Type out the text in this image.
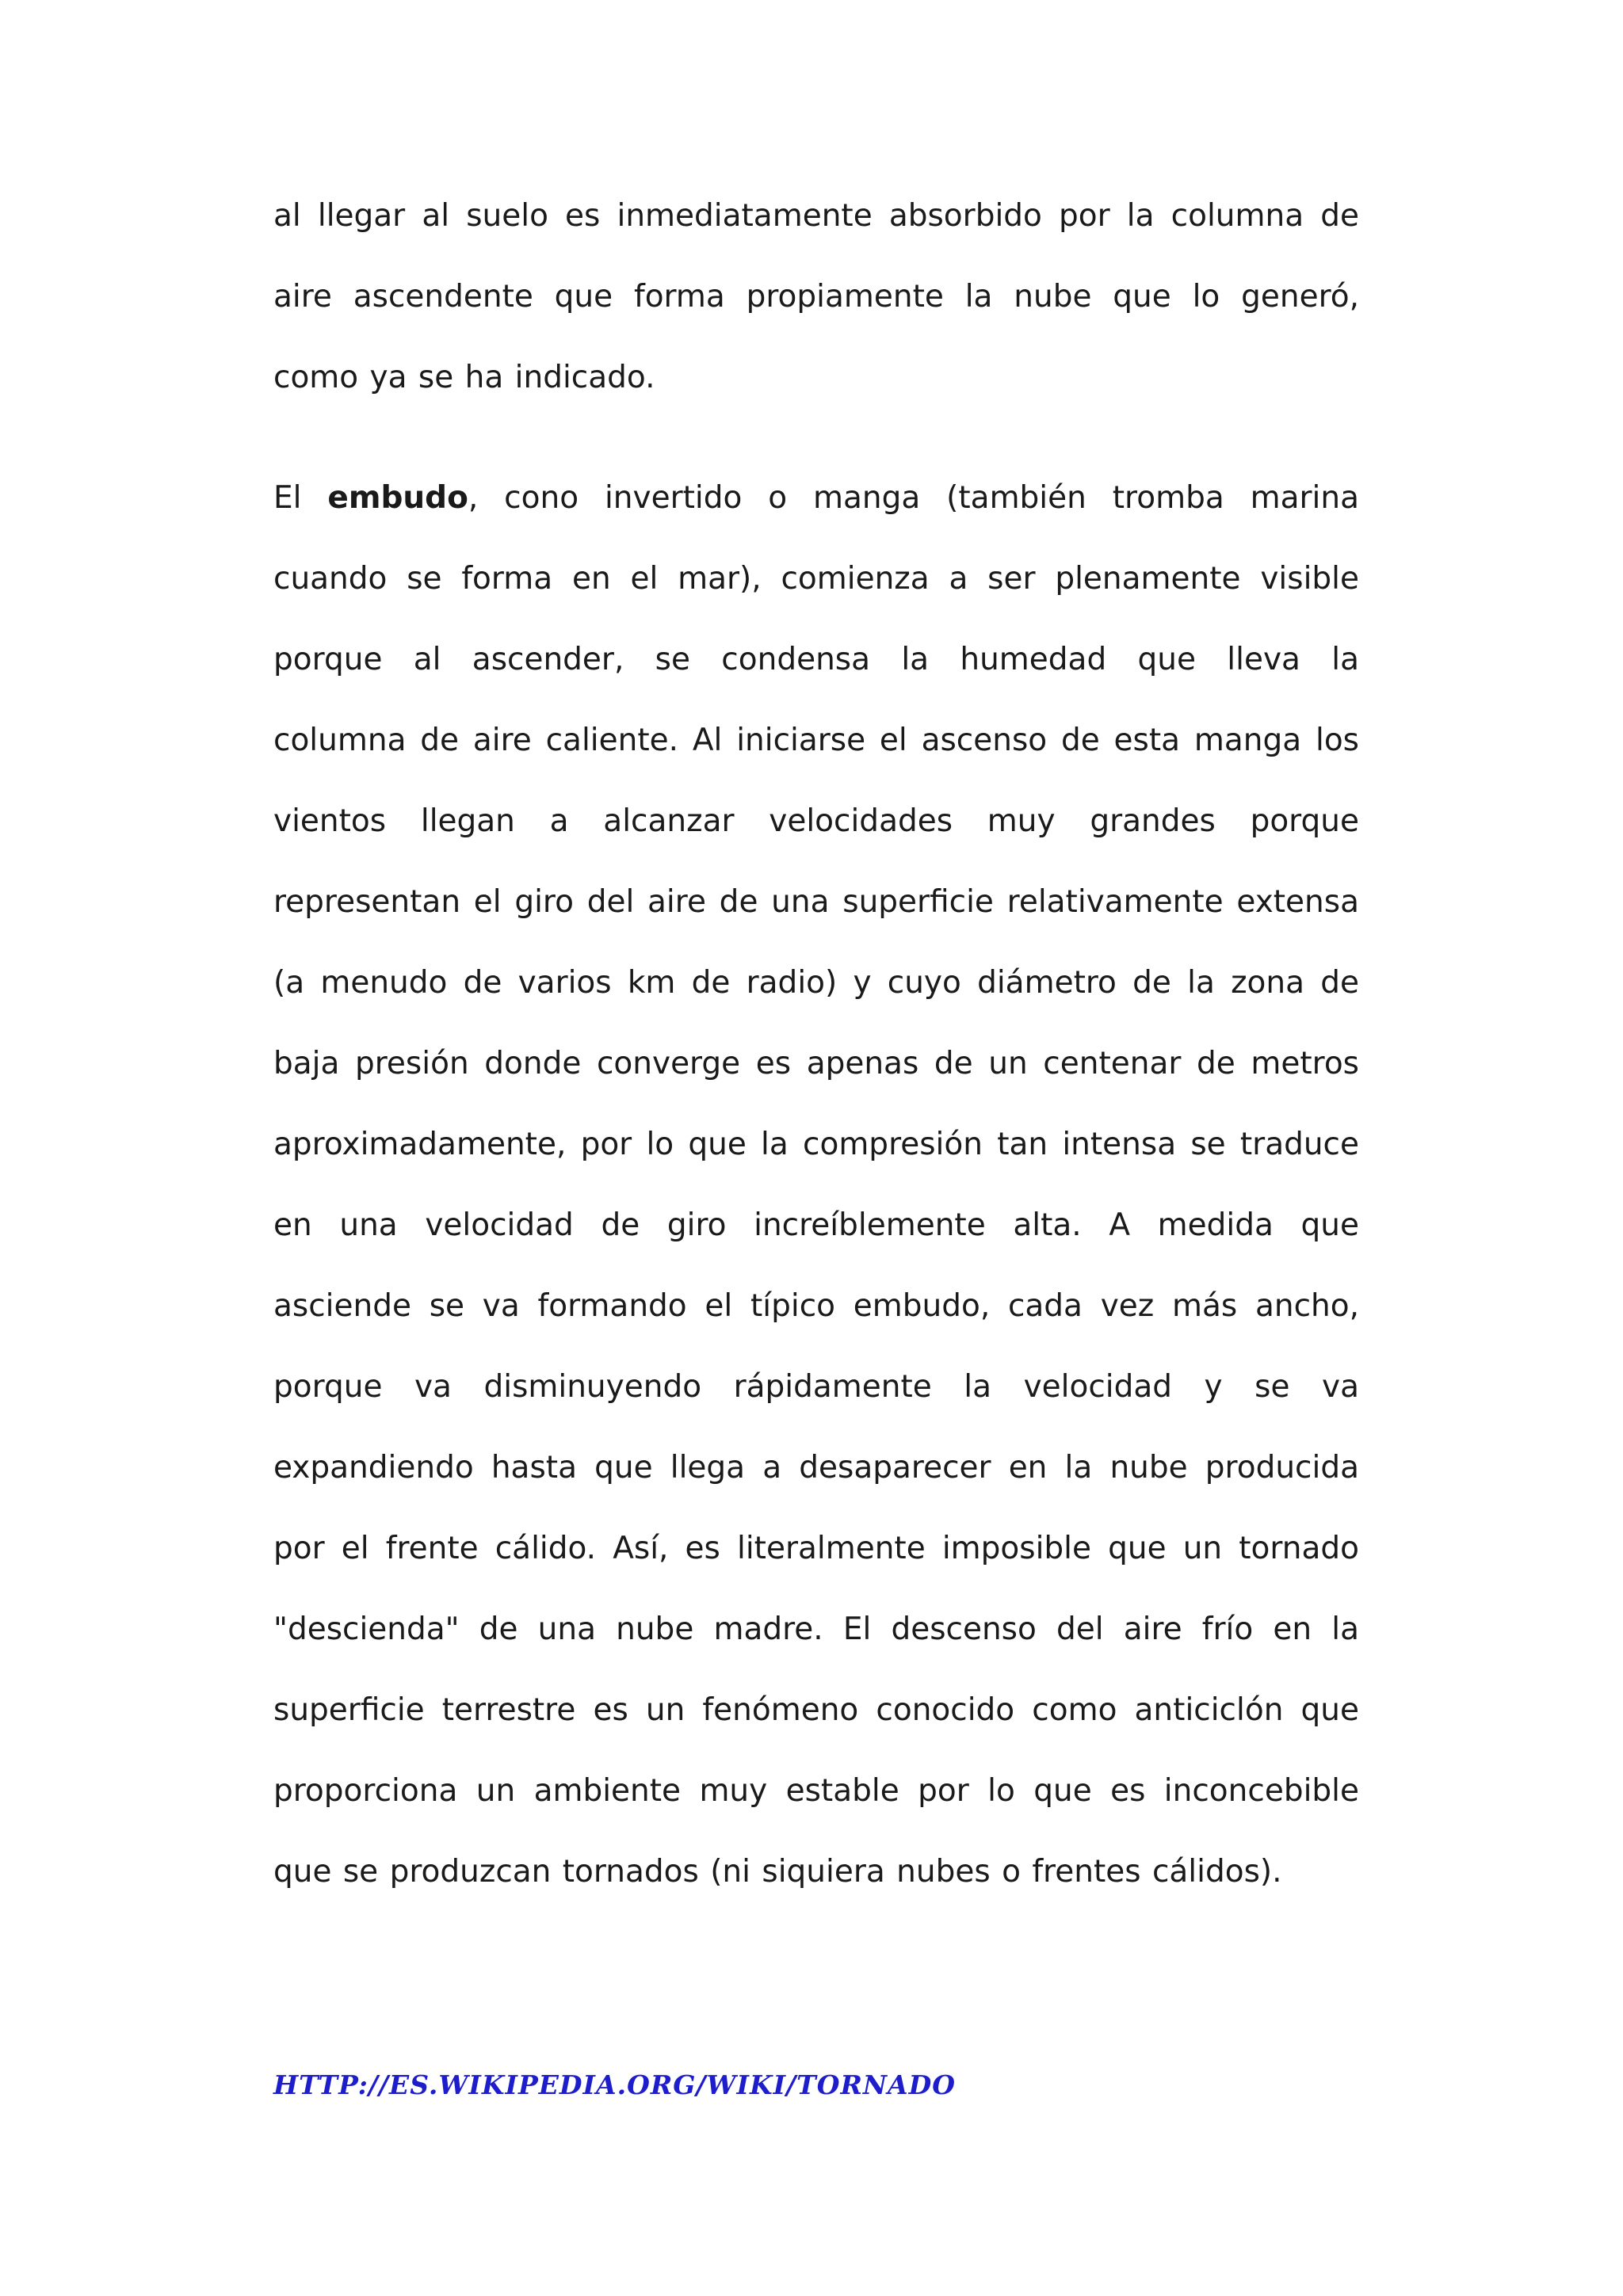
al llegar al suelo es inmediatamente absorbido por la columna de
aire ascendente que forma propiamente la nube que lo generó,
como ya se ha indicado.
El embudo, cono invertido o manga (también tromba marina
cuando se forma en el mar), comienza a ser plenamente visible
porque al ascender, se condensa la humedad que lleva la
columna de aire caliente. Al iniciarse el ascenso de esta manga los
vientos llegan a alcanzar velocidades muy grandes porque
representan el giro del aire de una superficie relativamente extensa
(a menudo de varios km de radio) y cuyo diámetro de la zona de
baja presión donde converge es apenas de un centenar de metros
aproximadamente, por lo que la compresión tan intensa se traduce
en una velocidad de giro increíblemente alta. A medida que
asciende se va formando el típico embudo, cada vez más ancho,
porque va disminuyendo rápidamente la velocidad y se va
expandiendo hasta que llega a desaparecer en la nube producida
por el frente cálido. Así, es literalmente imposible que un tornado
"descienda" de una nube madre. El descenso del aire frío en la
superficie terrestre es un fenómeno conocido como anticiclón que
proporciona un ambiente muy estable por lo que es inconcebible
que se produzcan tornados (ni siquiera nubes o frentes cálidos).
HTTP://ES.WIKIPEDIA.ORG/WIKI/TORNADO
